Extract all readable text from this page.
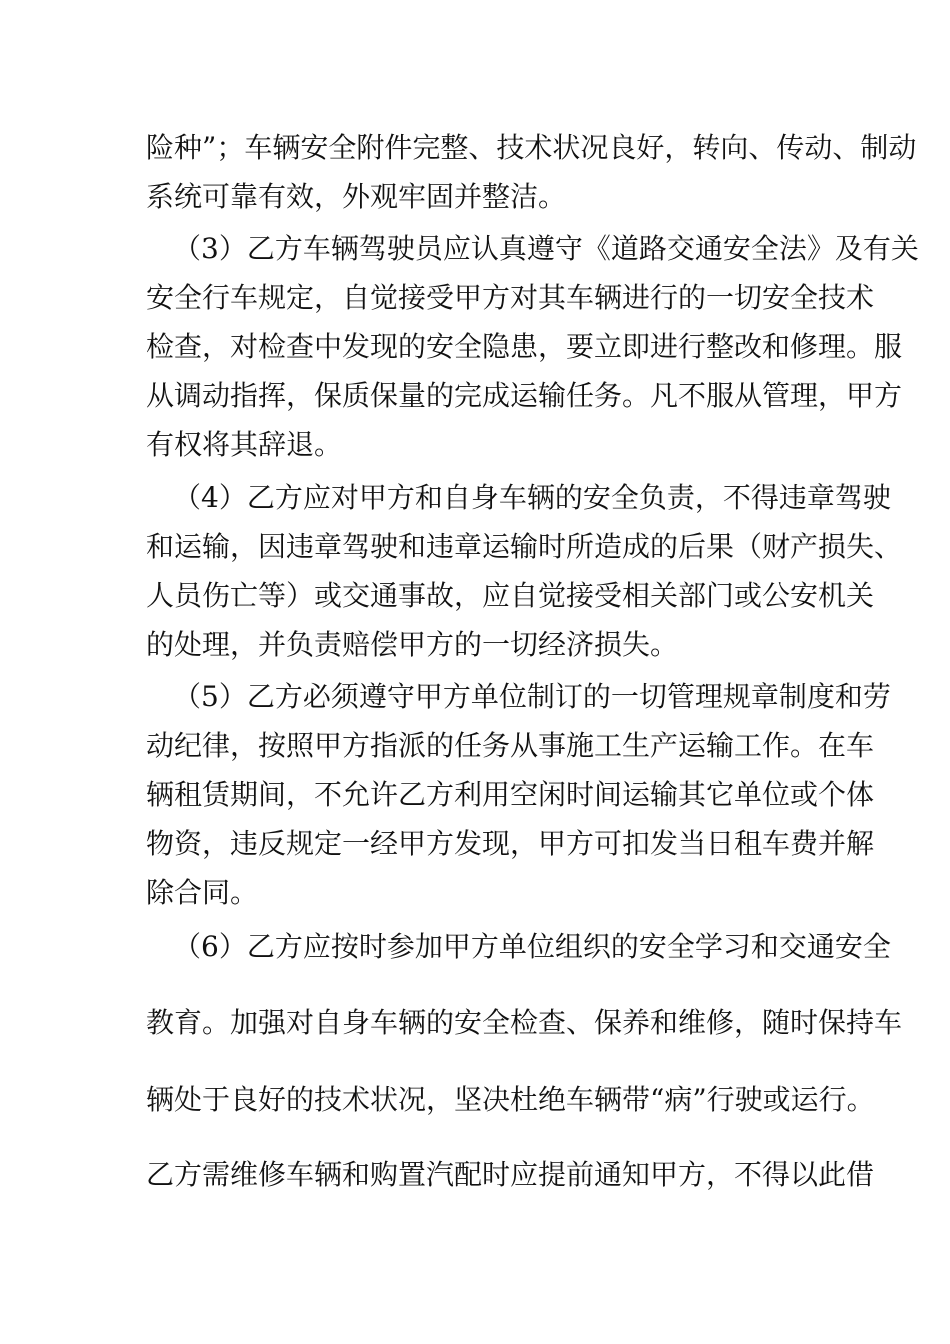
险种”；车辆安全附件完整、技术状况良好，转向、传动、制动
系统可靠有效，外观牢固并整洁。
（3）乙方车辆驾驶员应认真遵守《道路交通安全法》及有关
安全行车规定，自觉接受甲方对其车辆进行的一切安全技术
检查，对检查中发现的安全隐患，要立即进行整改和修理。服
从调动指挥，保质保量的完成运输任务。凡不服从管理，甲方
有权将其辞退。
（4）乙方应对甲方和自身车辆的安全负责，不得违章驾驶
和运输，因违章驾驶和违章运输时所造成的后果（财产损失、
人员伤亡等）或交通事故，应自觉接受相关部门或公安机关
的处理，并负责赔偿甲方的一切经济损失。
（5）乙方必须遵守甲方单位制订的一切管理规章制度和劳
动纪律，按照甲方指派的任务从事施工生产运输工作。在车
辆租赁期间，不允许乙方利用空闲时间运输其它单位或个体
物资，违反规定一经甲方发现，甲方可扣发当日租车费并解
除合同。
（6）乙方应按时参加甲方单位组织的安全学习和交通安全
教育。加强对自身车辆的安全检查、保养和维修，随时保持车
辆处于良好的技术状况，坚决杜绝车辆带“病”行驶或运行。
乙方需维修车辆和购置汽配时应提前通知甲方，不得以此借
